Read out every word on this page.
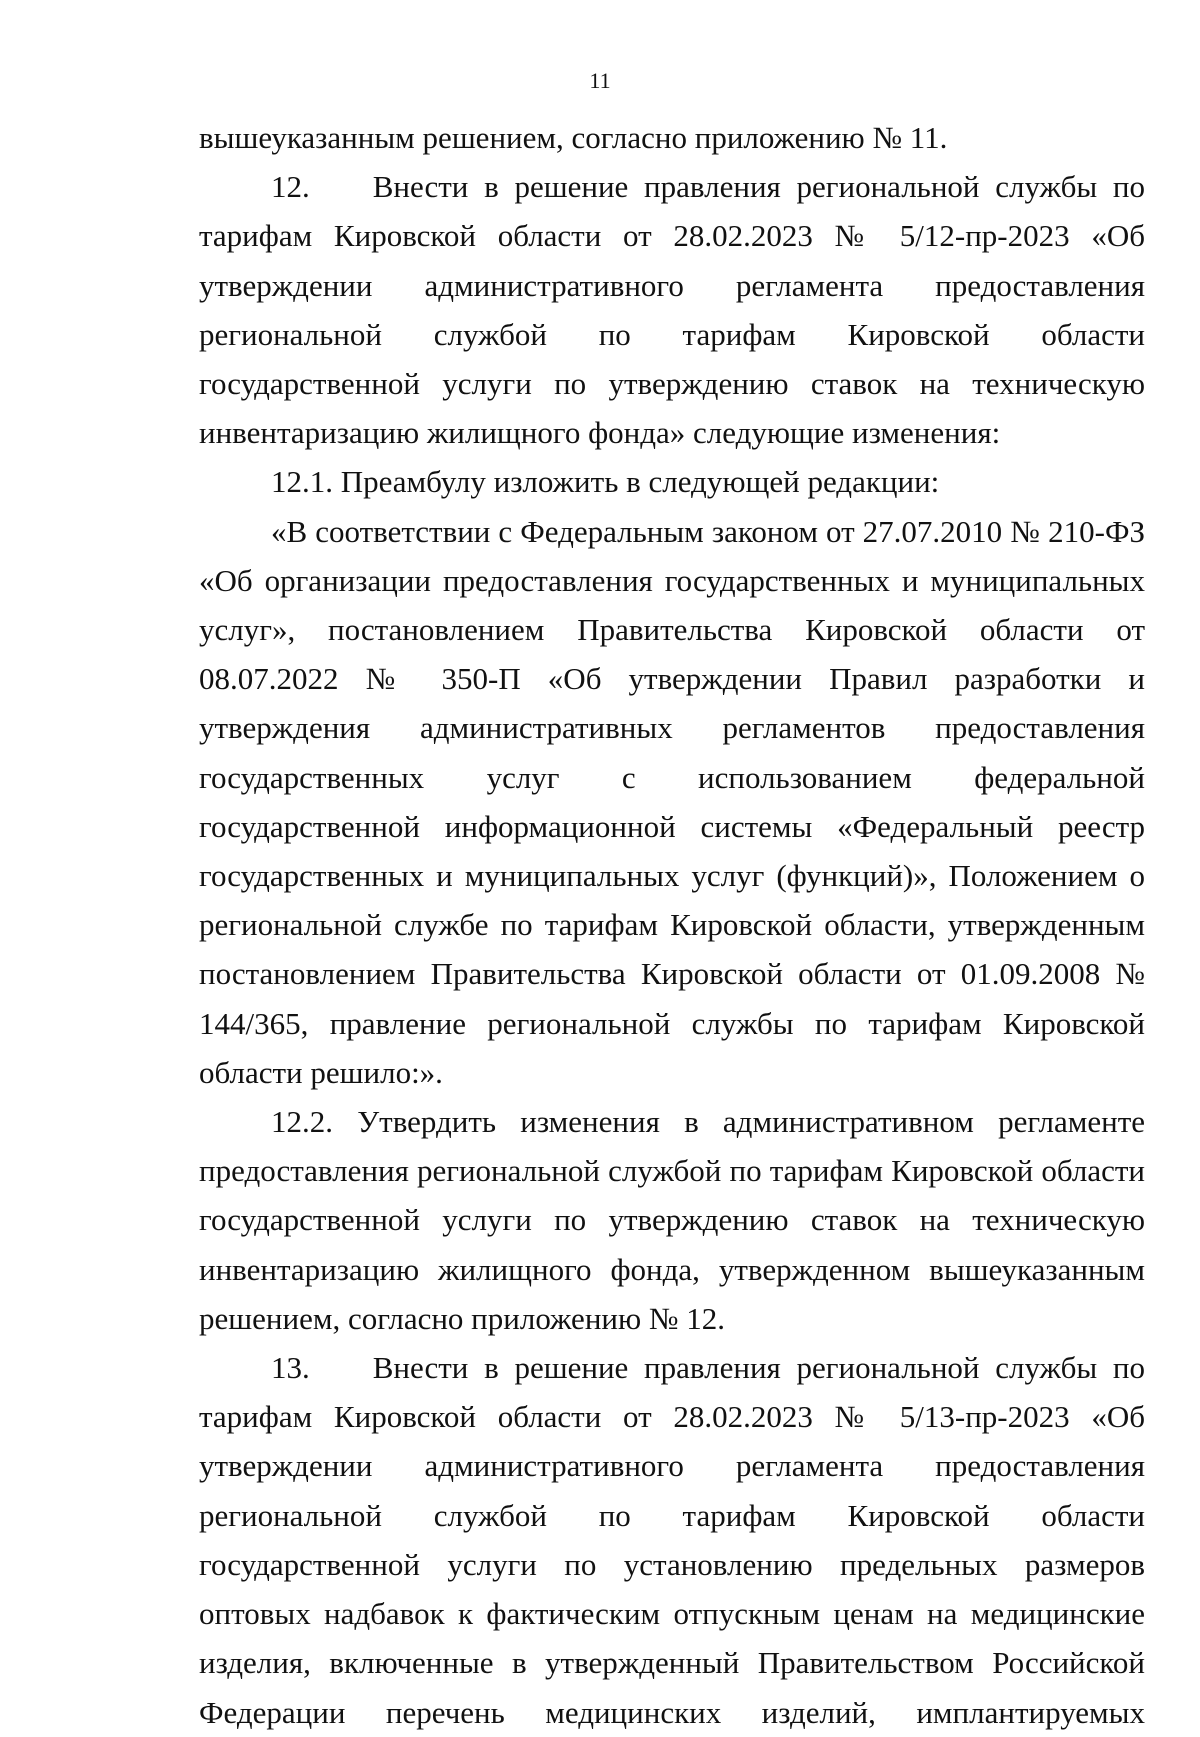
11

вышеуказанным решением, согласно приложению № 11.

12.    Внести в решение правления региональной службы по тарифам Кировской области от 28.02.2023 № 5/12-пр-2023 «Об утверждении административного регламента предоставления региональной службой по тарифам Кировской области государственной услуги по утверждению ставок на техническую инвентаризацию жилищного фонда» следующие изменения:

12.1. Преамбулу изложить в следующей редакции:

«В соответствии с Федеральным законом от 27.07.2010 № 210-ФЗ «Об организации предоставления государственных и муниципальных услуг», постановлением Правительства Кировской области от 08.07.2022 № 350-П «Об утверждении Правил разработки и утверждения административных регламентов предоставления государственных услуг с использованием федеральной государственной информационной системы «Федеральный реестр государственных и муниципальных услуг (функций)», Положением о региональной службе по тарифам Кировской области, утвержденным постановлением Правительства Кировской области от 01.09.2008 № 144/365, правление региональной службы по тарифам Кировской области решило:».

12.2. Утвердить изменения в административном регламенте предоставления региональной службой по тарифам Кировской области государственной услуги по утверждению ставок на техническую инвентаризацию жилищного фонда, утвержденном вышеуказанным решением, согласно приложению № 12.

13.    Внести в решение правления региональной службы по тарифам Кировской области от 28.02.2023 № 5/13-пр-2023 «Об утверждении административного регламента предоставления региональной службой по тарифам Кировской области государственной услуги по установлению предельных размеров оптовых надбавок к фактическим отпускным ценам на медицинские изделия, включенные в утвержденный Правительством Российской Федерации перечень медицинских изделий, имплантируемых
